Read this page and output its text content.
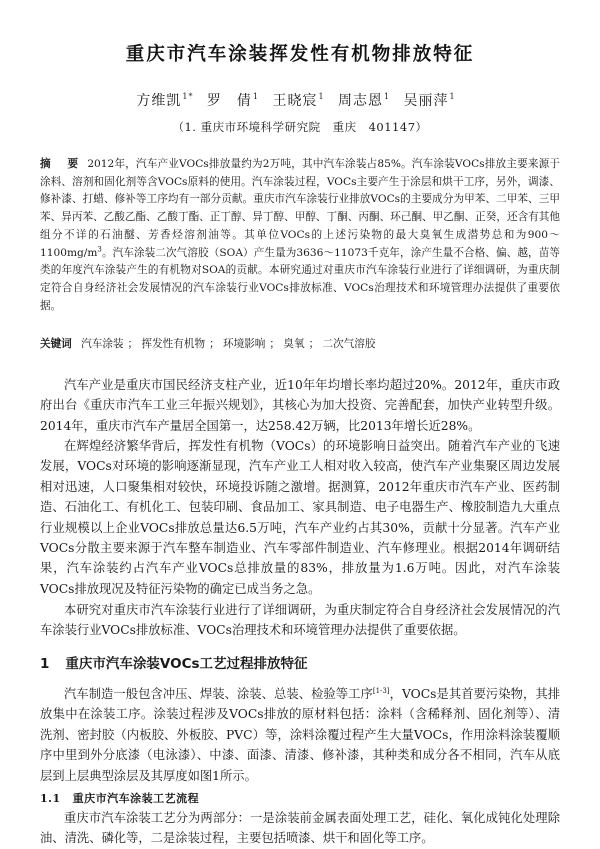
重庆市汽车涂装挥发性有机物排放特征
方维凯$^{1*}$ 罗　倩$^1$ 王晓宸$^1$ 周志恩$^1$ 吴丽萍$^1$
（1. 重庆市环境科学研究院　重庆　401147）

摘　要 2012年，汽车产业VOCs排放量约为2万吨，其中汽车涂装占85%。汽车涂装VOCs排放主要来源于涂料、溶剂和固化剂等含VOCs原料的使用。汽车涂装过程，VOCs主要产生于涂层和烘干工序，另外，调漆、修补漆、打蜡、修补等工序均有一部分贡献。重庆市汽车涂装行业排放VOCs的主要成分为甲苯、二甲苯、三甲苯、异丙苯、乙酸乙酯、乙酸丁酯、正丁醇、异丁醇、甲醇、丁酮、丙酮、环己酮、甲乙酮、正癸，还含有其他组分不详的石油醚、芳香烃溶剂油等。其单位VOCs的上述污染物的最大臭氧生成潜势总和为$900\sim 1100mg/m^3$。汽车涂装二次气溶胶（SOA）产生量为3636～11073千克年，涂产生量不合格、偏、越，苗等类的年度汽车涂装产生的有机物对SOA的贡献。本研究通过对重庆市汽车涂装行业进行了详细调研，为重庆制定符合自身经济社会发展情况的汽车涂装行业VOCs排放标准、VOCs治理技术和环境管理办法提供了重要依据。

关键词 汽车涂装 ； 挥发性有机物 ； 环境影响 ； 臭氧 ； 二次气溶胶

汽车产业是重庆市国民经济支柱产业，近10年年均增长率均超过20%。2012年，重庆市政府出台《重庆市汽车工业三年振兴规划》，其核心为加大投资、完善配套，加快产业转型升级。2014年，重庆市汽车产量居全国第一，达258.42万辆，比2013年增长近28%。

在辉煌经济繁华背后，挥发性有机物（VOCs）的环境影响日益突出。随着汽车产业的飞速发展，VOCs对环境的影响逐渐显现，汽车产业工人相对收入较高，使汽车产业集聚区周边发展相对迅速，人口聚集相对较快，环境投诉随之激增。据测算，2012年重庆市汽车产业、医药制造、石油化工、有机化工、包装印刷、食品加工、家具制造、电子电器生产、橡胶制造九大重点行业规模以上企业VOCs排放总量达6.5万吨，汽车产业约占其30%，贡献十分显著。汽车产业VOCs分散主要来源于汽车整车制造业、汽车零部件制造业、汽车修理业。根据2014年调研结果，汽车涂装约占汽车产业VOCs总排放量的83%，排放量为1.6万吨。因此，对汽车涂装VOCs排放现况及特征污染物的确定已成当务之急。

本研究对重庆市汽车涂装行业进行了详细调研，为重庆制定符合自身经济社会发展情况的汽车涂装行业VOCs排放标准、VOCs治理技术和环境管理办法提供了重要依据。

1 重庆市汽车涂装VOCs工艺过程排放特征

汽车制造一般包含冲压、焊装、涂装、总装、检验等工序[1-3]，VOCs是其首要污染物，其排放集中在涂装工序。涂装过程涉及VOCs排放的原材料包括：涂料（含稀释剂、固化剂等）、清洗剂、密封胶（内板胶、外板胶、PVC）等，涂料涂覆过程产生大量VOCs，作用涂料涂装覆顺序中里到外分底漆（电泳漆）、中漆、面漆、清漆、修补漆，其种类和成分各不相同，汽车从底层到上层典型涂层及其厚度如图1所示。

1.1 重庆市汽车涂装工艺流程

重庆市汽车涂装工艺分为两部分：一是涂装前金属表面处理工艺，硅化、氧化成钝化处理除油、清洗、磷化等，二是涂装过程，主要包括喷漆、烘干和固化等工序。
